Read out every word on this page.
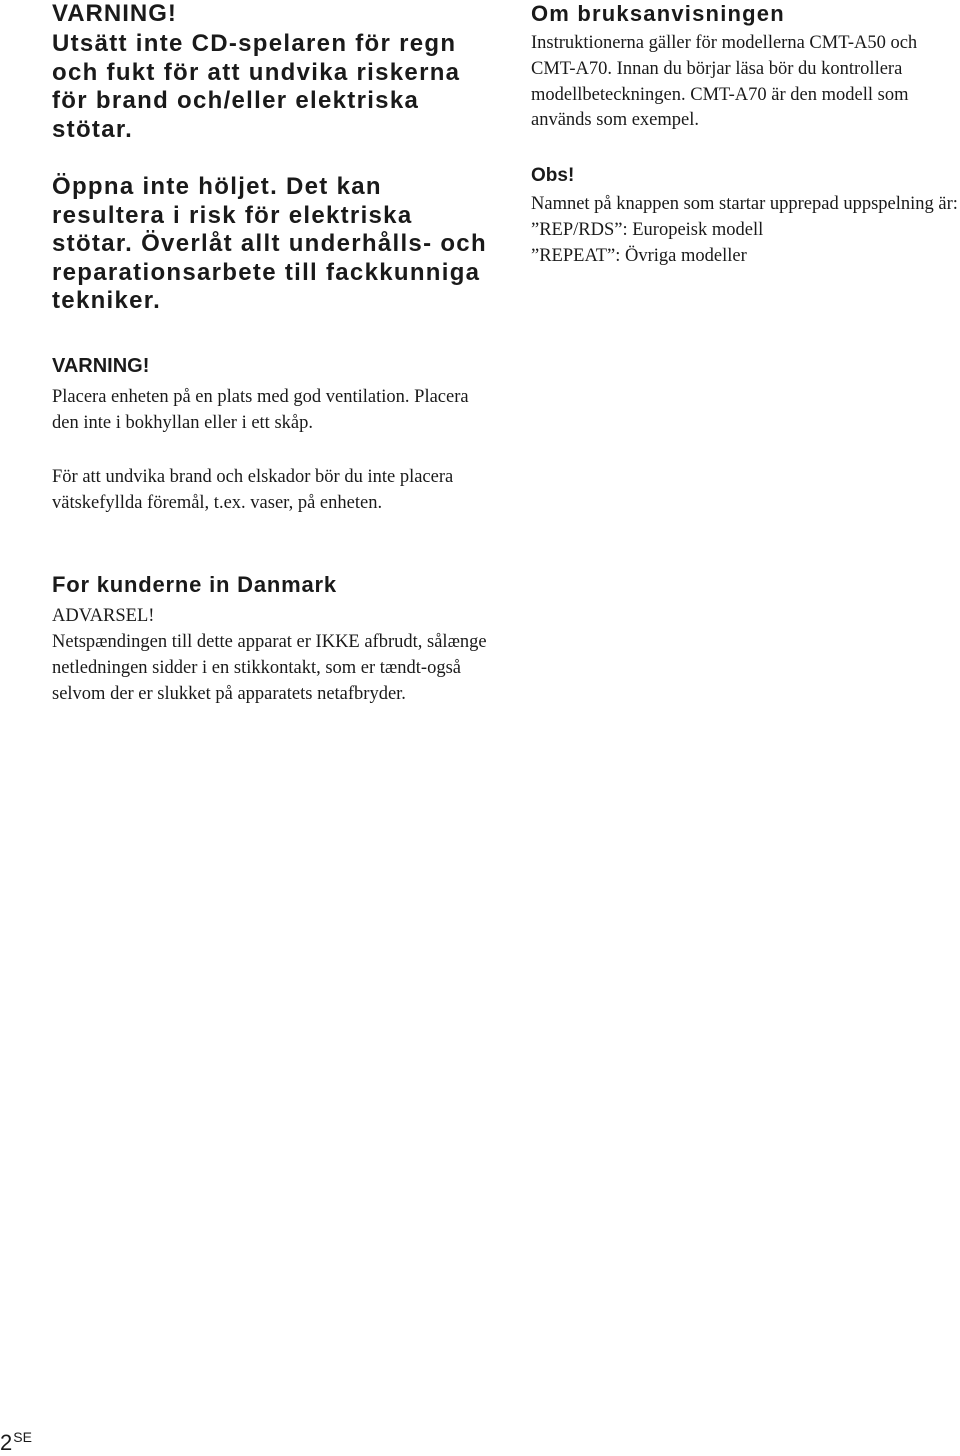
VARNING!

Utsätt inte CD-spelaren för regn och fukt för att undvika riskerna för brand och/eller elektriska stötar.

Öppna inte höljet. Det kan resultera i risk för elektriska stötar. Överlåt allt underhålls- och reparationsarbete till fackkunniga tekniker.

Om bruksanvisningen
Instruktionerna gäller för modellerna CMT-A50 och CMT-A70. Innan du börjar läsa bör du kontrollera modellbeteckningen. CMT-A70 är den modell som används som exempel.
Obs!
Namnet på knappen som startar upprepad uppspelning är:
”REP/RDS”: Europeisk modell
”REPEAT”: Övriga modeller
VARNING!
Placera enheten på en plats med god ventilation. Placera den inte i bokhyllan eller i ett skåp.
För att undvika brand och elskador bör du inte placera vätskefyllda föremål, t.ex. vaser, på enheten.
For kunderne in Danmark
ADVARSEL!
Netspændingen till dette apparat er IKKE afbrudt, sålænge netledningen sidder i en stikkontakt, som er tændt-også selvom der er slukket på apparatets netafbryder.
$2^{SE}$
